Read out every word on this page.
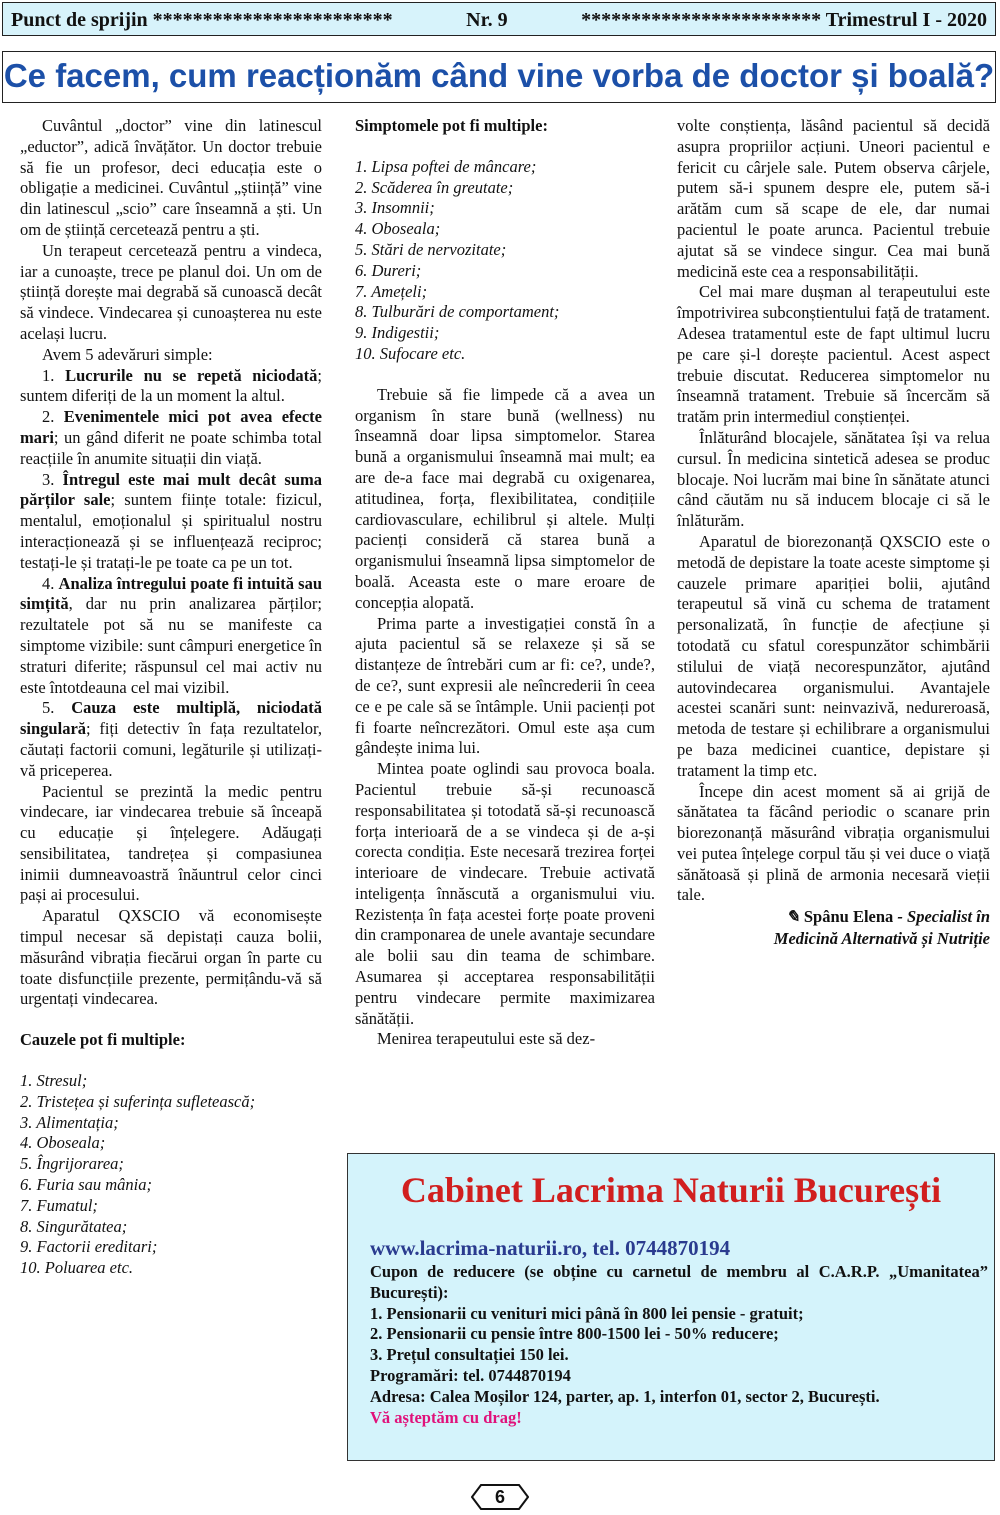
Punct de sprijin ************************	Nr. 9	************************ Trimestrul I - 2020
Ce facem, cum reacționăm când vine vorba de doctor și boală?

Cuvântul „doctor” vine din latinescul „eductor”, adică învățător. Un doctor trebuie să fie un profesor, deci educația este o obligație a medicinei. Cuvântul „știință” vine din latinescul „scio” care înseamnă a ști. Un om de știință cercetează pentru a ști.

Un terapeut cercetează pentru a vindeca, iar a cunoaște, trece pe planul doi. Un om de știință dorește mai degrabă să cunoască decât să vindece. Vindecarea și cunoașterea nu este același lucru.

Avem 5 adevăruri simple:

1. Lucrurile nu se repetă niciodată; suntem diferiți de la un moment la altul.

2. Evenimentele mici pot avea efecte mari; un gând diferit ne poate schimba total reacțiile în anumite situații din viață.

3. Întregul este mai mult decât suma părților sale; suntem ființe totale: fizicul, mentalul, emoționalul și spiritualul nostru interacționează și se influențează reciproc; testați-le și tratați-le pe toate ca pe un tot.

4. Analiza întregului poate fi intuită sau simțită, dar nu prin analizarea părților; rezultatele pot să nu se manifeste ca simptome vizibile: sunt câmpuri energetice în straturi diferite; răspunsul cel mai activ nu este întotdeauna cel mai vizibil.

5. Cauza este multiplă, niciodată singulară; fiți detectiv în fața rezultatelor, căutați factorii comuni, legăturile și utilizați-vă priceperea.

Pacientul se prezintă la medic pentru vindecare, iar vindecarea trebuie să înceapă cu educație și înțelegere. Adăugați sensibilitatea, tandrețea și compasiunea inimii dumneavoastră înăuntrul celor cinci pași ai procesului.

Aparatul QXSCIO vă economisește timpul necesar să depistați cauza bolii, măsurând vibrația fiecărui organ în parte cu toate disfuncțiile prezente, permițându-vă să urgentați vindecarea.

Cauzele pot fi multiple:

1. Stresul;
2. Tristețea și suferința sufletească;
3. Alimentația;
4. Oboseala;
5. Îngrijorarea;
6. Furia sau mânia;
7. Fumatul;
8. Singurătatea;
9. Factorii ereditari;
10. Poluarea etc.

Simptomele pot fi multiple:

1. Lipsa poftei de mâncare;
2. Scăderea în greutate;
3. Insomnii;
4. Oboseala;
5. Stări de nervozitate;
6. Dureri;
7. Amețeli;
8. Tulburări de comportament;
9. Indigestii;
10. Sufocare etc.

Trebuie să fie limpede că a avea un organism în stare bună (wellness) nu înseamnă doar lipsa simptomelor. Starea bună a organismului înseamnă mai mult; ea are de-a face mai degrabă cu oxigenarea, atitudinea, forța, flexibilitatea, condițiile cardiovasculare, echilibrul și altele. Mulți pacienți consideră că starea bună a organismului înseamnă lipsa simptomelor de boală. Aceasta este o mare eroare de concepția alopată.

Prima parte a investigației constă în a ajuta pacientul să se relaxeze și să se distanțeze de întrebări cum ar fi: ce?, unde?, de ce?, sunt expresii ale neîncrederii în ceea ce e pe cale să se întâmple. Unii pacienți pot fi foarte neîncrezători. Omul este așa cum gândește inima lui.

Mintea poate oglindi sau provoca boala. Pacientul trebuie să-și recunoască responsabilitatea și totodată să-și recunoască forța interioară de a se vindeca și de a-și corecta condiția. Este necesară trezirea forței interioare de vindecare. Trebuie activată inteligența înnăscută a organismului viu. Rezistența în fața acestei forțe poate proveni din cramponarea de unele avantaje secundare ale bolii sau din teama de schimbare. Asumarea și acceptarea responsabilității pentru vindecare permite maximizarea sănătății.

Menirea terapeutului este să dez-

volte conștiența, lăsând pacientul să decidă asupra propriilor acțiuni. Uneori pacientul e fericit cu cârjele sale. Putem observa cârjele, putem să-i spunem despre ele, putem să-i arătăm cum să scape de ele, dar numai pacientul le poate arunca. Pacientul trebuie ajutat să se vindece singur. Cea mai bună medicină este cea a responsabilității.

Cel mai mare dușman al terapeutului este împotrivirea subconștientului față de tratament. Adesea tratamentul este de fapt ultimul lucru pe care și-l dorește pacientul. Acest aspect trebuie discutat. Reducerea simptomelor nu înseamnă tratament. Trebuie să încercăm să tratăm prin intermediul conștienței.

Înlăturând blocajele, sănătatea își va relua cursul. În medicina sintetică adesea se produc blocaje. Noi lucrăm mai bine în sănătate atunci când căutăm nu să inducem blocaje ci să le înlăturăm.

Aparatul de biorezonanță QXSCIO este o metodă de depistare la toate aceste simptome și cauzele primare apariției bolii, ajutând terapeutul să vină cu schema de tratament personalizată, în funcție de afecțiune și totodată cu sfatul corespunzător schimbării stilului de viață necorespunzător, ajutând autovindecarea organismului. Avantajele acestei scanări sunt: neinvazivă, nedureroasă, metoda de testare și echilibrare a organismului pe baza medicinei cuantice, depistare și tratament la timp etc.

Începe din acest moment să ai grijă de sănătatea ta făcând periodic o scanare prin biorezonanță măsurând vibrația organismului vei putea înțelege corpul tău și vei duce o viață sănătoasă și plină de armonia necesară vieții tale.

✎ Spânu Elena - Specialist în
Medicină Alternativă și Nutriție
Cabinet Lacrima Naturii București
www.lacrima-naturii.ro, tel. 0744870194
Cupon de reducere (se obține cu carnetul de membru al C.A.R.P. „Umanitatea” București):
1. Pensionarii cu venituri mici până în 800 lei pensie - gratuit;
2. Pensionarii cu pensie între 800-1500 lei - 50% reducere;
3. Prețul consultației 150 lei.
Programări: tel. 0744870194
Adresa: Calea Moșilor 124, parter, ap. 1, interfon 01, sector 2, București.
Vă așteptăm cu drag!
6
